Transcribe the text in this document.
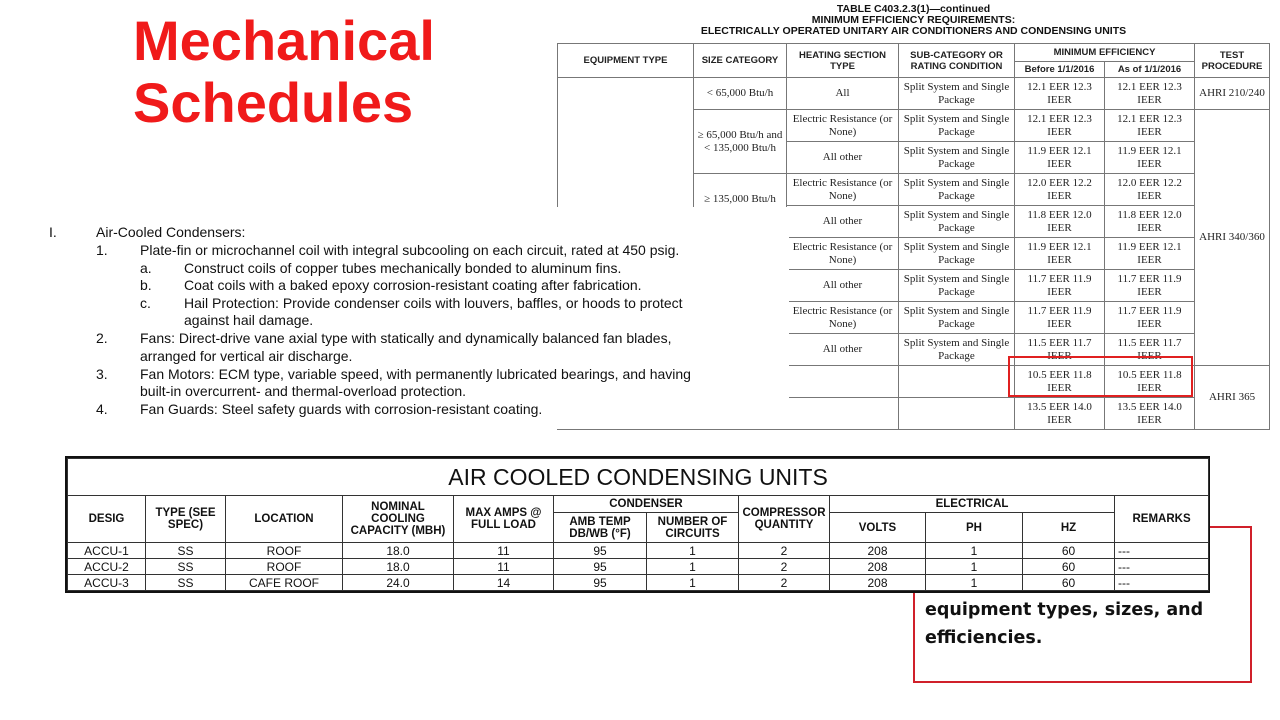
Mechanical Schedules
TABLE C403.2.3(1)—continued
MINIMUM EFFICIENCY REQUIREMENTS:
ELECTRICALLY OPERATED UNITARY AIR CONDITIONERS AND CONDENSING UNITS
EQUIPMENT TYPE	SIZE CATEGORY	HEATING SECTION TYPE	SUB-CATEGORY OR RATING CONDITION	MINIMUM EFFICIENCY		TEST PROCEDURE
				Before 1/1/2016	As of 1/1/2016	
	< 65,000 Btu/h	All	Split System and Single Package	12.1 EER 12.3 IEER	12.1 EER 12.3 IEER	AHRI 210/240
	≥ 65,000 Btu/h and < 135,000 Btu/h	Electric Resistance (or None)	Split System and Single Package	12.1 EER 12.3 IEER	12.1 EER 12.3 IEER	AHRI 340/360
		All other	Split System and Single Package	11.9 EER 12.1 IEER	11.9 EER 12.1 IEER	
	≥ 135,000 Btu/h	Electric Resistance (or None)	Split System and Single Package	12.0 EER 12.2 IEER	12.0 EER 12.2 IEER	
		All other	Split System and Single Package	11.8 EER 12.0 IEER	11.8 EER 12.0 IEER	
		Electric Resistance (or None)	Split System and Single Package	11.9 EER 12.1 IEER	11.9 EER 12.1 IEER	
		All other	Split System and Single Package	11.7 EER 11.9 IEER	11.7 EER 11.9 IEER	
		Electric Resistance (or None)	Split System and Single Package	11.7 EER 11.9 IEER	11.7 EER 11.9 IEER	
		All other	Split System and Single Package	11.5 EER 11.7 IEER	11.5 EER 11.7 IEER	
				10.5 EER 11.8 IEER	10.5 EER 11.8 IEER	AHRI 365
				13.5 EER 14.0 IEER	13.5 EER 14.0 IEER	
I.	Air-Cooled Condensers:
1. Plate-fin or microchannel coil with integral subcooling on each circuit, rated at 450 psig.
a. Construct coils of copper tubes mechanically bonded to aluminum fins.
b. Coat coils with a baked epoxy corrosion-resistant coating after fabrication.
c. Hail Protection: Provide condenser coils with louvers, baffles, or hoods to protect
against hail damage.
2. Fans: Direct-drive vane axial type with statically and dynamically balanced fan blades,
arranged for vertical air discharge.
3. Fan Motors: ECM type, variable speed, with permanently lubricated bearings, and having
built-in overcurrent- and thermal-overload protection.
4. Fan Guards: Steel safety guards with corrosion-resistant coating.

equipment types, sizes, and efficiencies.

AIR COOLED CONDENSING UNITS											
DESIG	TYPE (SEE SPEC)	LOCATION	NOMINAL COOLING CAPACITY (MBH)	MAX AMPS @ FULL LOAD	CONDENSER		COMPRESSOR QUANTITY	ELECTRICAL			REMARKS
					AMB TEMP DB/WB (°F)	NUMBER OF CIRCUITS		VOLTS	PH	HZ	
ACCU-1	SS	ROOF	18.0	11	95	1	2	208	1	60	---
ACCU-2	SS	ROOF	18.0	11	95	1	2	208	1	60	---
ACCU-3	SS	CAFE ROOF	24.0	14	95	1	2	208	1	60	---
